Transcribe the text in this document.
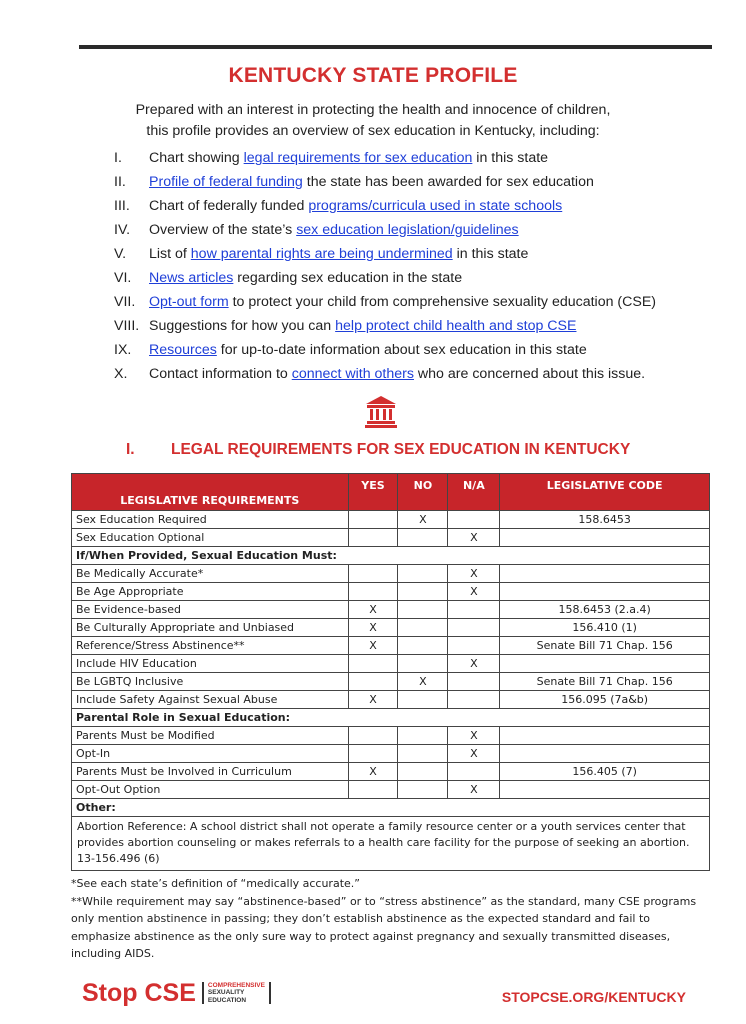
KENTUCKY STATE PROFILE
Prepared with an interest in protecting the health and innocence of children,
this profile provides an overview of sex education in Kentucky, including:
I.	Chart showing legal requirements for sex education in this state
II.	Profile of federal funding the state has been awarded for sex education
III.	Chart of federally funded programs/curricula used in state schools
IV.	Overview of the state’s sex education legislation/guidelines
V.	List of how parental rights are being undermined in this state
VI.	News articles regarding sex education in the state
VII. Opt-out form to protect your child from comprehensive sexuality education (CSE)
VIII. Suggestions for how you can help protect child health and stop CSE
IX.	Resources for up-to-date information about sex education in this state
X.	Contact information to connect with others who are concerned about this issue.
I. LEGAL REQUIREMENTS FOR SEX EDUCATION IN KENTUCKY
LEGISLATIVE REQUIREMENTS	YES	NO	N/A	LEGISLATIVE CODE
Sex Education Required		X		158.6453
Sex Education Optional			X	
If/When Provided, Sexual Education Must:				
Be Medically Accurate*			X	
Be Age Appropriate			X	
Be Evidence-based	X			158.6453 (2.a.4)
Be Culturally Appropriate and Unbiased	X			156.410 (1)
Reference/Stress Abstinence**	X			Senate Bill 71 Chap. 156
Include HIV Education			X	
Be LGBTQ Inclusive		X		Senate Bill 71 Chap. 156
Include Safety Against Sexual Abuse	X			156.095 (7a&b)
Parental Role in Sexual Education:				
Parents Must be Modified			X	
Opt-In			X	
Parents Must be Involved in Curriculum	X			156.405 (7)
Opt-Out Option			X	
Other:				
Abortion Reference: A school district shall not operate a family resource center or a youth services center that provides abortion counseling or makes referrals to a health care facility for the purpose of seeking an abortion. 13-156.496 (6)				
*See each state’s definition of “medically accurate.”
**While requirement may say “abstinence-based” or to “stress abstinence” as the standard, many CSE programs only mention abstinence in passing; they don’t establish abstinence as the expected standard and fail to emphasize abstinence as the only sure way to protect against pregnancy and sexually transmitted diseases, including AIDS.
Stop CSE COMPREHENSIVE
SEXUALITY
EDUCATION	STOPCSE.ORG/KENTUCKY
